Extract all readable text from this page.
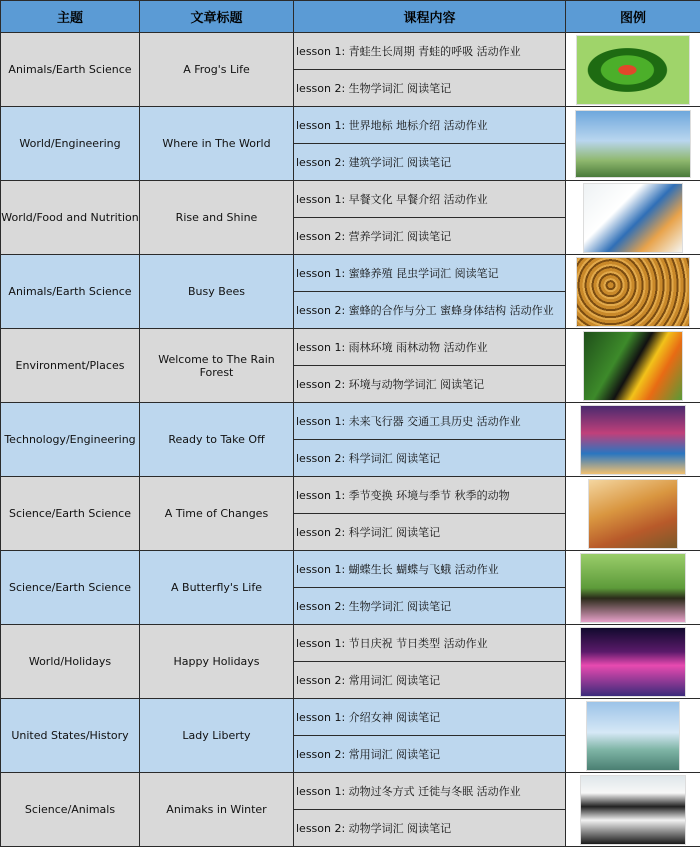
主题	文章标题	课程内容	图例
Animals/Earth Science	A Frog's Life	lesson 1: 青蛙生长周期 青蛙的呼吸 活动作业	
		lesson 2: 生物学词汇 阅读笔记	
World/Engineering	Where in The World	lesson 1: 世界地标 地标介绍 活动作业	
		lesson 2: 建筑学词汇 阅读笔记	
World/Food and Nutrition	Rise and Shine	lesson 1: 早餐文化 早餐介绍 活动作业	
		lesson 2: 营养学词汇 阅读笔记	
Animals/Earth Science	Busy Bees	lesson 1: 蜜蜂养殖 昆虫学词汇 阅读笔记	
		lesson 2: 蜜蜂的合作与分工 蜜蜂身体结构 活动作业	
Environment/Places	Welcome to The Rain Forest	lesson 1: 雨林环境 雨林动物 活动作业	
		lesson 2: 环境与动物学词汇 阅读笔记	
Technology/Engineering	Ready to Take Off	lesson 1: 未来飞行器 交通工具历史 活动作业	
		lesson 2: 科学词汇 阅读笔记	
Science/Earth Science	A Time of Changes	lesson 1: 季节变换 环境与季节 秋季的动物	
		lesson 2: 科学词汇 阅读笔记	
Science/Earth Science	A Butterfly's Life	lesson 1: 蝴蝶生长 蝴蝶与飞蛾 活动作业	
		lesson 2: 生物学词汇 阅读笔记	
World/Holidays	Happy Holidays	lesson 1: 节日庆祝 节日类型 活动作业	
		lesson 2: 常用词汇 阅读笔记	
United States/History	Lady Liberty	lesson 1: 介绍女神 阅读笔记	
		lesson 2: 常用词汇 阅读笔记	
Science/Animals	Animaks in Winter	lesson 1: 动物过冬方式 迁徙与冬眠 活动作业	
		lesson 2: 动物学词汇 阅读笔记	
